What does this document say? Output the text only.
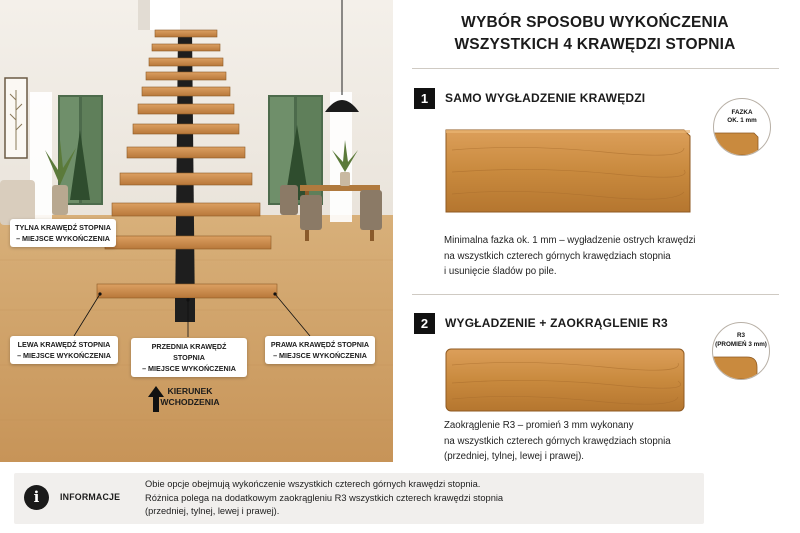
TYLNA KRAWĘDŹ STOPNIA
– MIEJSCE WYKOŃCZENIA
LEWA KRAWĘDŹ STOPNIA
– MIEJSCE WYKOŃCZENIA
PRZEDNIA KRAWĘDŹ STOPNIA
– MIEJSCE WYKOŃCZENIA
PRAWA KRAWĘDŹ STOPNIA
– MIEJSCE WYKOŃCZENIA
KIERUNEK
WCHODZENIA
WYBÓR SPOSOBU WYKOŃCZENIA
WSZYSTKICH 4 KRAWĘDZI STOPNIA
1	SAMO WYGŁADZENIE KRAWĘDZI
FAZKA
OK. 1 mm
Minimalna fazka ok. 1 mm – wygładzenie ostrych krawędzi
na wszystkich czterech górnych krawędziach stopnia
i usunięcie śladów po pile.
2	WYGŁADZENIE + ZAOKRĄGLENIE R3
R3
(PROMIEŃ 3 mm)
Zaokrąglenie R3 – promień 3 mm wykonany
na wszystkich czterech górnych krawędziach stopnia
(przedniej, tylnej, lewej i prawej).
i	INFORMACJE
Obie opcje obejmują wykończenie wszystkich czterech górnych krawędzi stopnia.
Różnica polega na dodatkowym zaokrągleniu R3 wszystkich czterech krawędzi stopnia
(przedniej, tylnej, lewej i prawej).
